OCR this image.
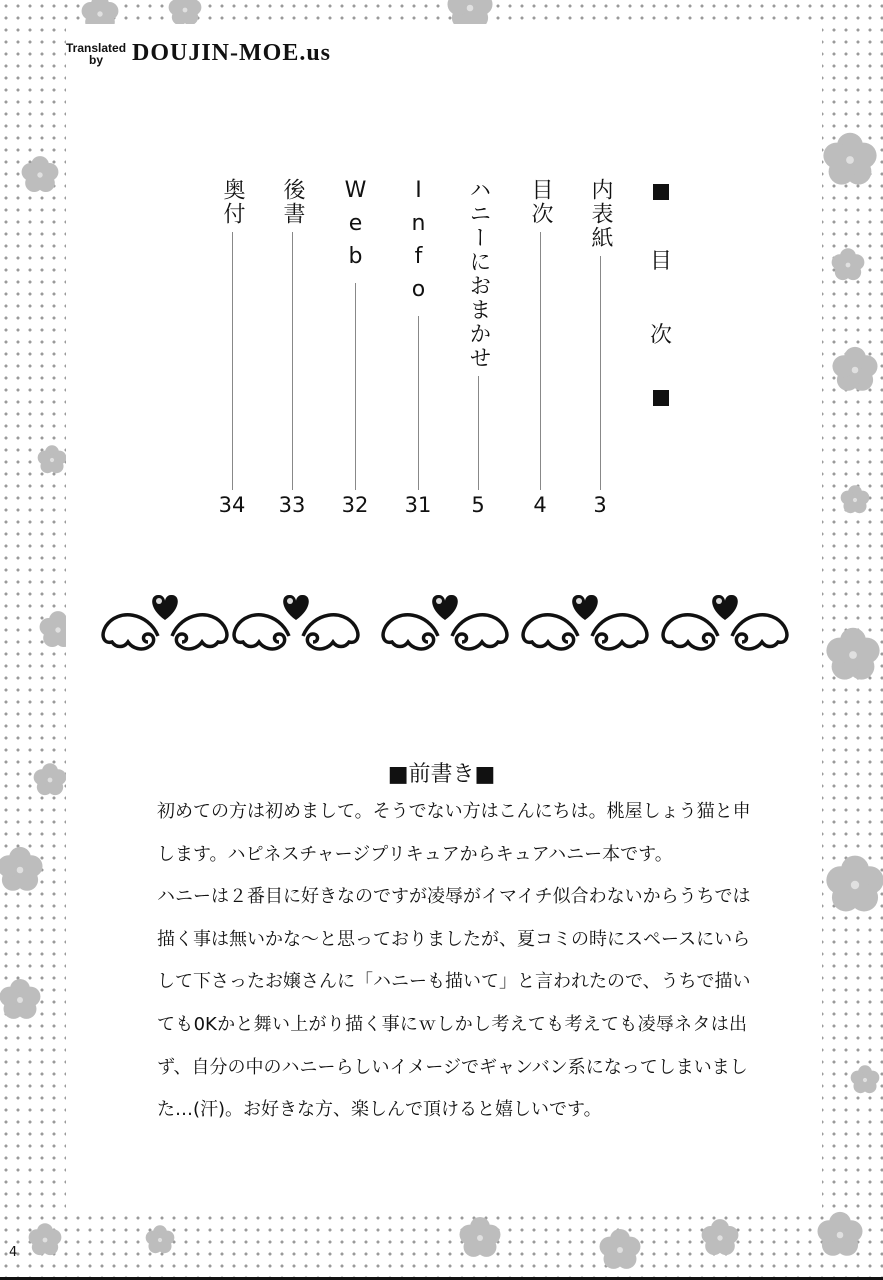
Translated by	DOUJIN-MOE.us
目
次
内表紙
3
目次
4
ハニーにおまかせ
5
Info
31
Web
32
後書
33
奥付
34
■前書き■
初めての方は初めまして。そうでない方はこんにちは。桃屋しょう猫と申
します。ハピネスチャージプリキュアからキュアハニー本です。
ハニーは２番目に好きなのですが凌辱がイマイチ似合わないからうちでは
描く事は無いかな～と思っておりましたが、夏コミの時にスペースにいら
して下さったお嬢さんに「ハニーも描いて」と言われたので、うちで描い
ても0Kかと舞い上がり描く事にｗしかし考えても考えても凌辱ネタは出
ず、自分の中のハニーらしいイメージでギャンバン系になってしまいまし
た…(汗)。お好きな方、楽しんで頂けると嬉しいです。
4
